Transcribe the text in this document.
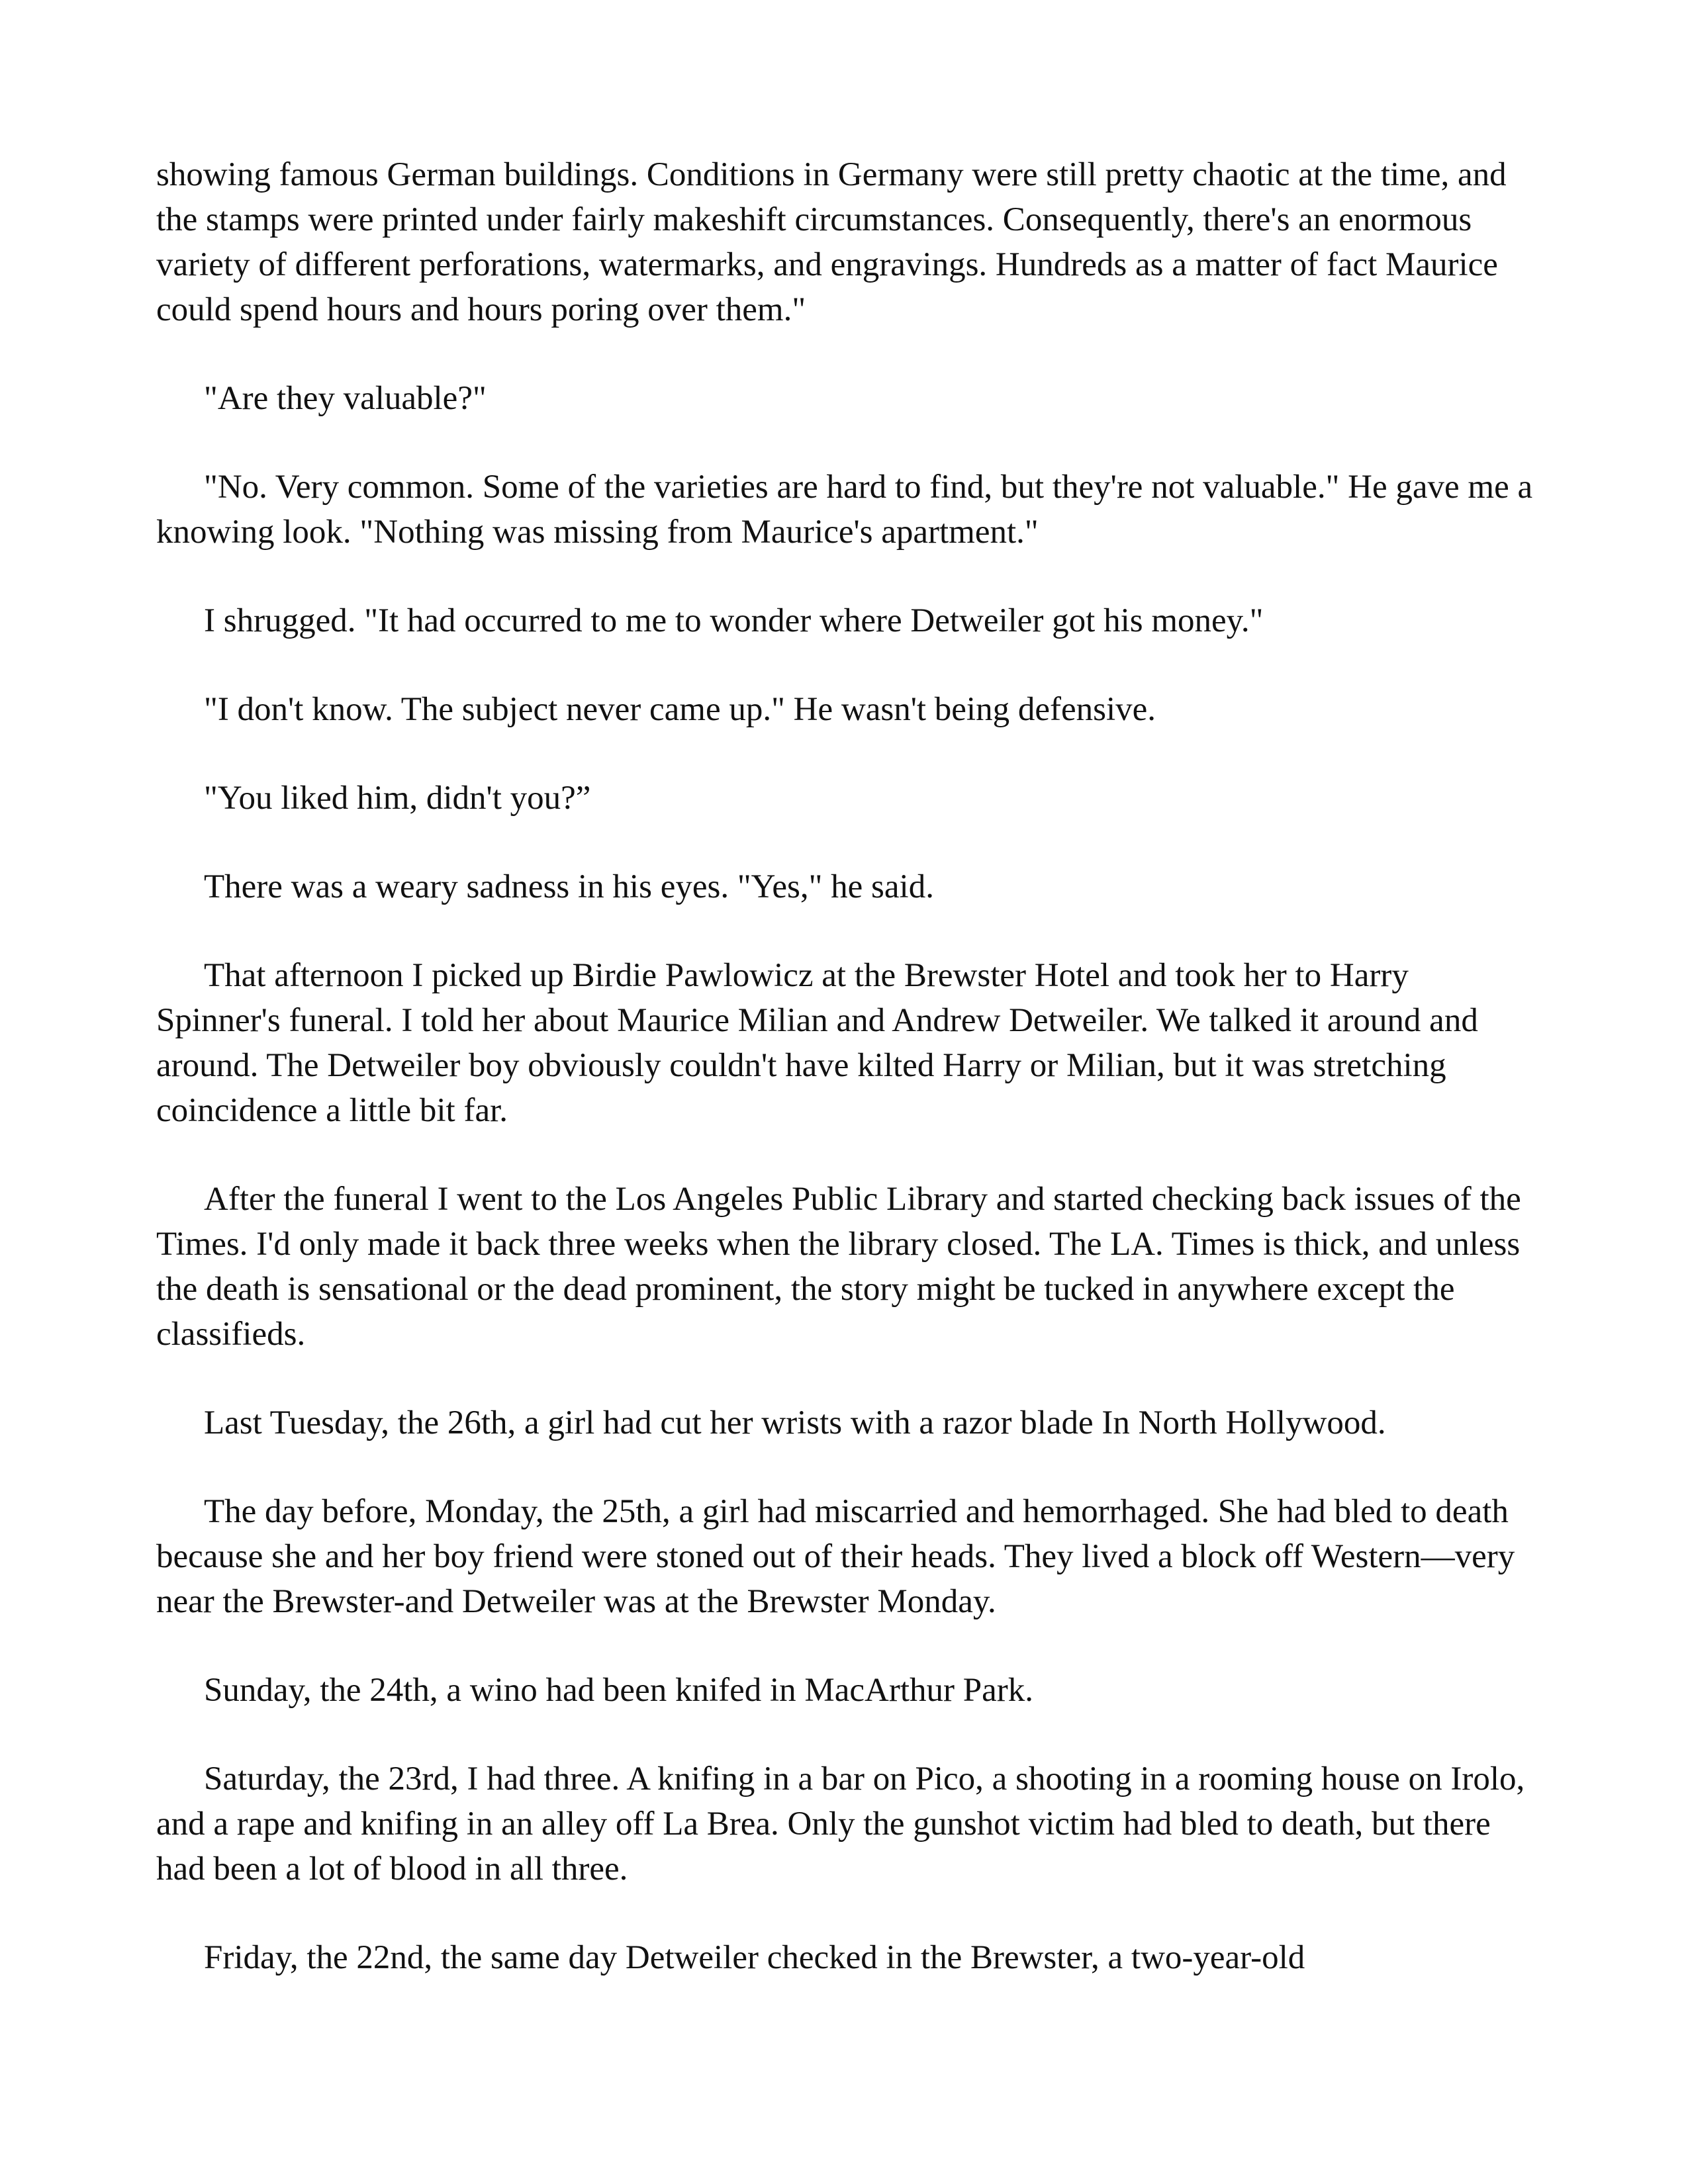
showing famous German buildings. Conditions in Germany were still pretty chaotic at the time, and the stamps were printed under fairly makeshift circumstances. Consequently, there's an enormous variety of different perforations, watermarks, and engravings. Hundreds as a matter of fact Maurice could spend hours and hours poring over them."

"Are they valuable?"

"No. Very common. Some of the varieties are hard to find, but they're not valuable." He gave me a knowing look. "Nothing was missing from Maurice's apartment."

I shrugged. "It had occurred to me to wonder where Detweiler got his money."

"I don't know. The subject never came up." He wasn't being defensive.

"You liked him, didn't you?”

There was a weary sadness in his eyes. "Yes," he said.

That afternoon I picked up Birdie Pawlowicz at the Brewster Hotel and took her to Harry Spinner's funeral. I told her about Maurice Milian and Andrew Detweiler. We talked it around and around. The Detweiler boy obviously couldn't have kilted Harry or Milian, but it was stretching coincidence a little bit far.

After the funeral I went to the Los Angeles Public Library and started checking back issues of the Times. I'd only made it back three weeks when the library closed. The LA. Times is thick, and unless the death is sensational or the dead prominent, the story might be tucked in anywhere except the classifieds.

Last Tuesday, the 26th, a girl had cut her wrists with a razor blade In North Hollywood.

The day before, Monday, the 25th, a girl had miscarried and hemorrhaged. She had bled to death because she and her boy friend were stoned out of their heads. They lived a block off Western—very near the Brewster-and Detweiler was at the Brewster Monday.

Sunday, the 24th, a wino had been knifed in MacArthur Park.

Saturday, the 23rd, I had three. A knifing in a bar on Pico, a shooting in a rooming house on Irolo, and a rape and knifing in an alley off La Brea. Only the gunshot victim had bled to death, but there had been a lot of blood in all three.

Friday, the 22nd, the same day Detweiler checked in the Brewster, a two-year-old
